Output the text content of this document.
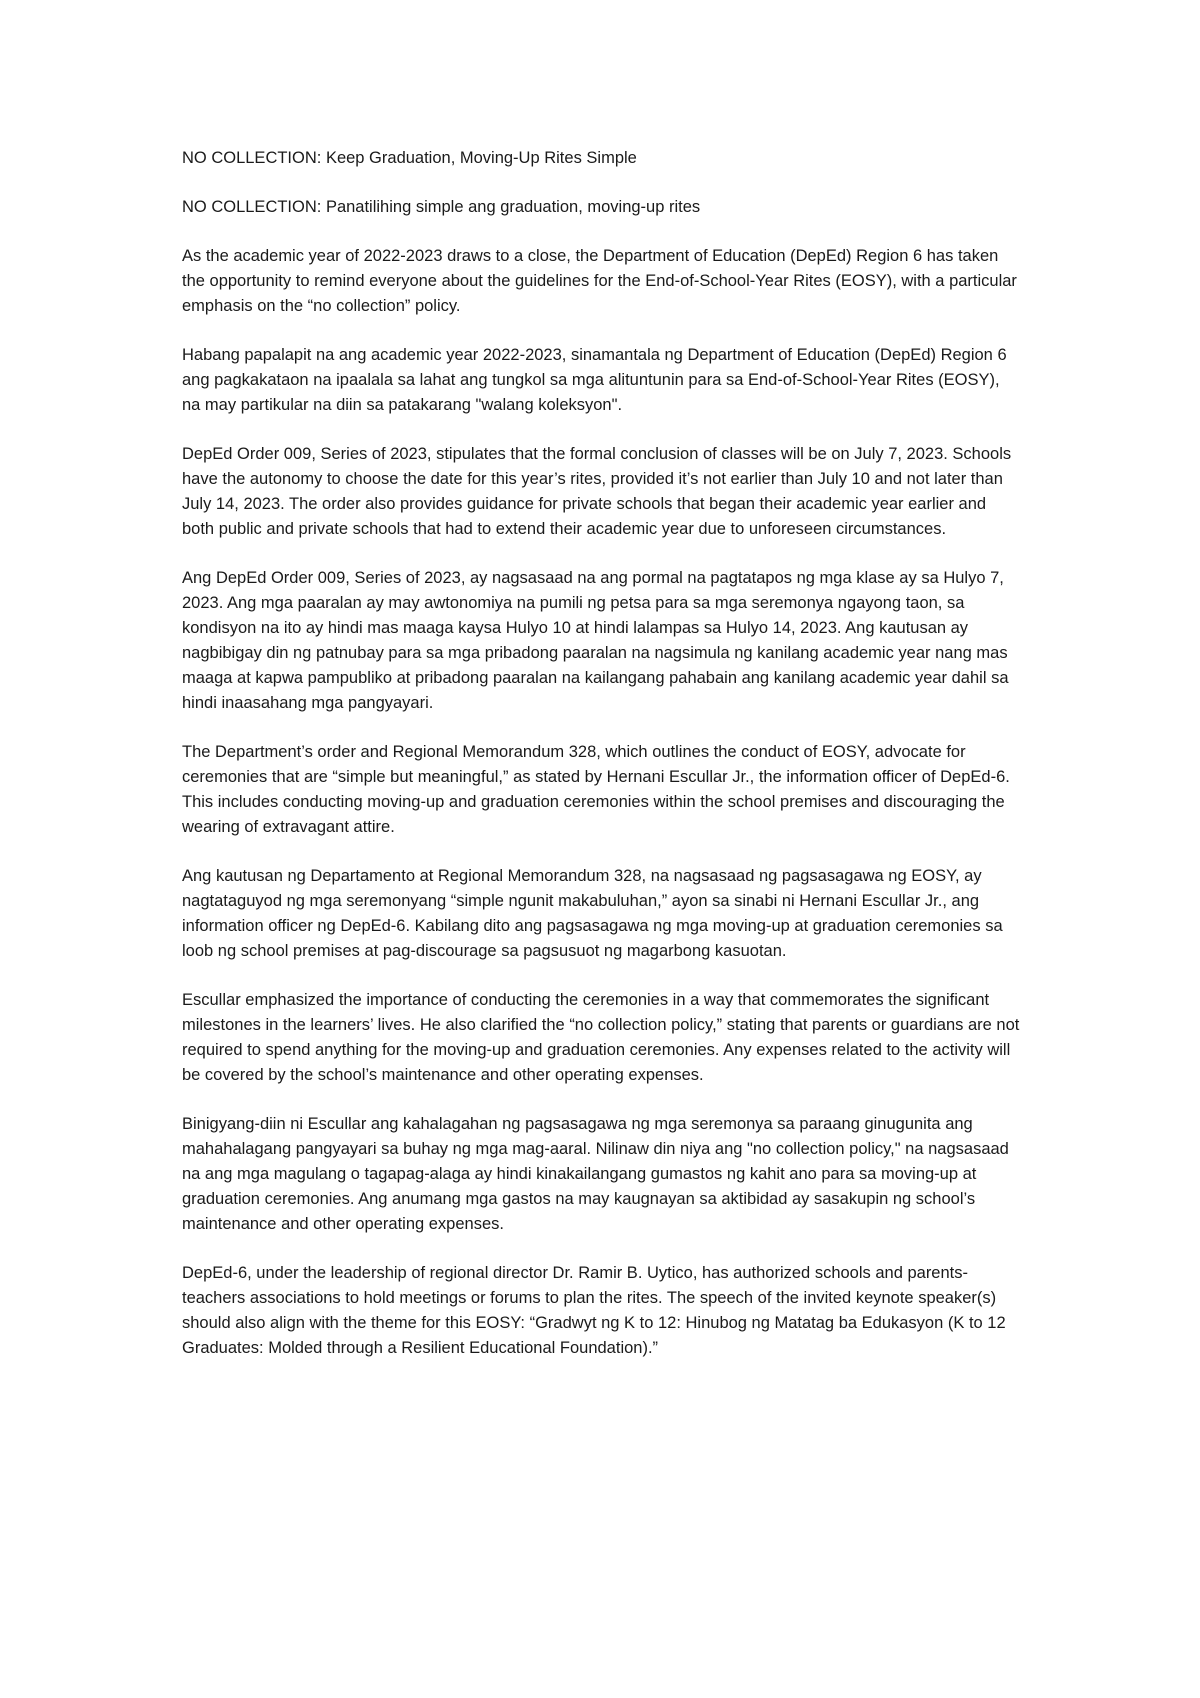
NO COLLECTION: Keep Graduation, Moving-Up Rites Simple

NO COLLECTION: Panatilihing simple ang graduation, moving-up rites

As the academic year of 2022-2023 draws to a close, the Department of Education (DepEd) Region 6 has taken the opportunity to remind everyone about the guidelines for the End-of-School-Year Rites (EOSY), with a particular emphasis on the “no collection” policy.

Habang papalapit na ang academic year 2022-2023, sinamantala ng Department of Education (DepEd) Region 6 ang pagkakataon na ipaalala sa lahat ang tungkol sa mga alituntunin para sa End-of-School-Year Rites (EOSY), na may partikular na diin sa patakarang "walang koleksyon".

DepEd Order 009, Series of 2023, stipulates that the formal conclusion of classes will be on July 7, 2023. Schools have the autonomy to choose the date for this year’s rites, provided it’s not earlier than July 10 and not later than July 14, 2023. The order also provides guidance for private schools that began their academic year earlier and both public and private schools that had to extend their academic year due to unforeseen circumstances.

Ang DepEd Order 009, Series of 2023, ay nagsasaad na ang pormal na pagtatapos ng mga klase ay sa Hulyo 7, 2023. Ang mga paaralan ay may awtonomiya na pumili ng petsa para sa mga seremonya ngayong taon, sa kondisyon na ito ay hindi mas maaga kaysa Hulyo 10 at hindi lalampas sa Hulyo 14, 2023. Ang kautusan ay nagbibigay din ng patnubay para sa mga pribadong paaralan na nagsimula ng kanilang academic year nang mas maaga at kapwa pampubliko at pribadong paaralan na kailangang pahabain ang kanilang academic year dahil sa hindi inaasahang mga pangyayari.

The Department’s order and Regional Memorandum 328, which outlines the conduct of EOSY, advocate for ceremonies that are “simple but meaningful,” as stated by Hernani Escullar Jr., the information officer of DepEd-6. This includes conducting moving-up and graduation ceremonies within the school premises and discouraging the wearing of extravagant attire.

Ang kautusan ng Departamento at Regional Memorandum 328, na nagsasaad ng pagsasagawa ng EOSY, ay nagtataguyod ng mga seremonyang “simple ngunit makabuluhan,” ayon sa sinabi ni Hernani Escullar Jr., ang information officer ng DepEd-6. Kabilang dito ang pagsasagawa ng mga moving-up at graduation ceremonies sa loob ng school premises at pag-discourage sa pagsusuot ng magarbong kasuotan.

Escullar emphasized the importance of conducting the ceremonies in a way that commemorates the significant milestones in the learners’ lives. He also clarified the “no collection policy,” stating that parents or guardians are not required to spend anything for the moving-up and graduation ceremonies. Any expenses related to the activity will be covered by the school’s maintenance and other operating expenses.

Binigyang-diin ni Escullar ang kahalagahan ng pagsasagawa ng mga seremonya sa paraang ginugunita ang mahahalagang pangyayari sa buhay ng mga mag-aaral. Nilinaw din niya ang "no collection policy," na nagsasaad na ang mga magulang o tagapag-alaga ay hindi kinakailangang gumastos ng kahit ano para sa moving-up at graduation ceremonies. Ang anumang mga gastos na may kaugnayan sa aktibidad ay sasakupin ng school’s maintenance and other operating expenses.

DepEd-6, under the leadership of regional director Dr. Ramir B. Uytico, has authorized schools and parents-teachers associations to hold meetings or forums to plan the rites. The speech of the invited keynote speaker(s) should also align with the theme for this EOSY: “Gradwyt ng K to 12: Hinubog ng Matatag ba Edukasyon (K to 12 Graduates: Molded through a Resilient Educational Foundation).”
